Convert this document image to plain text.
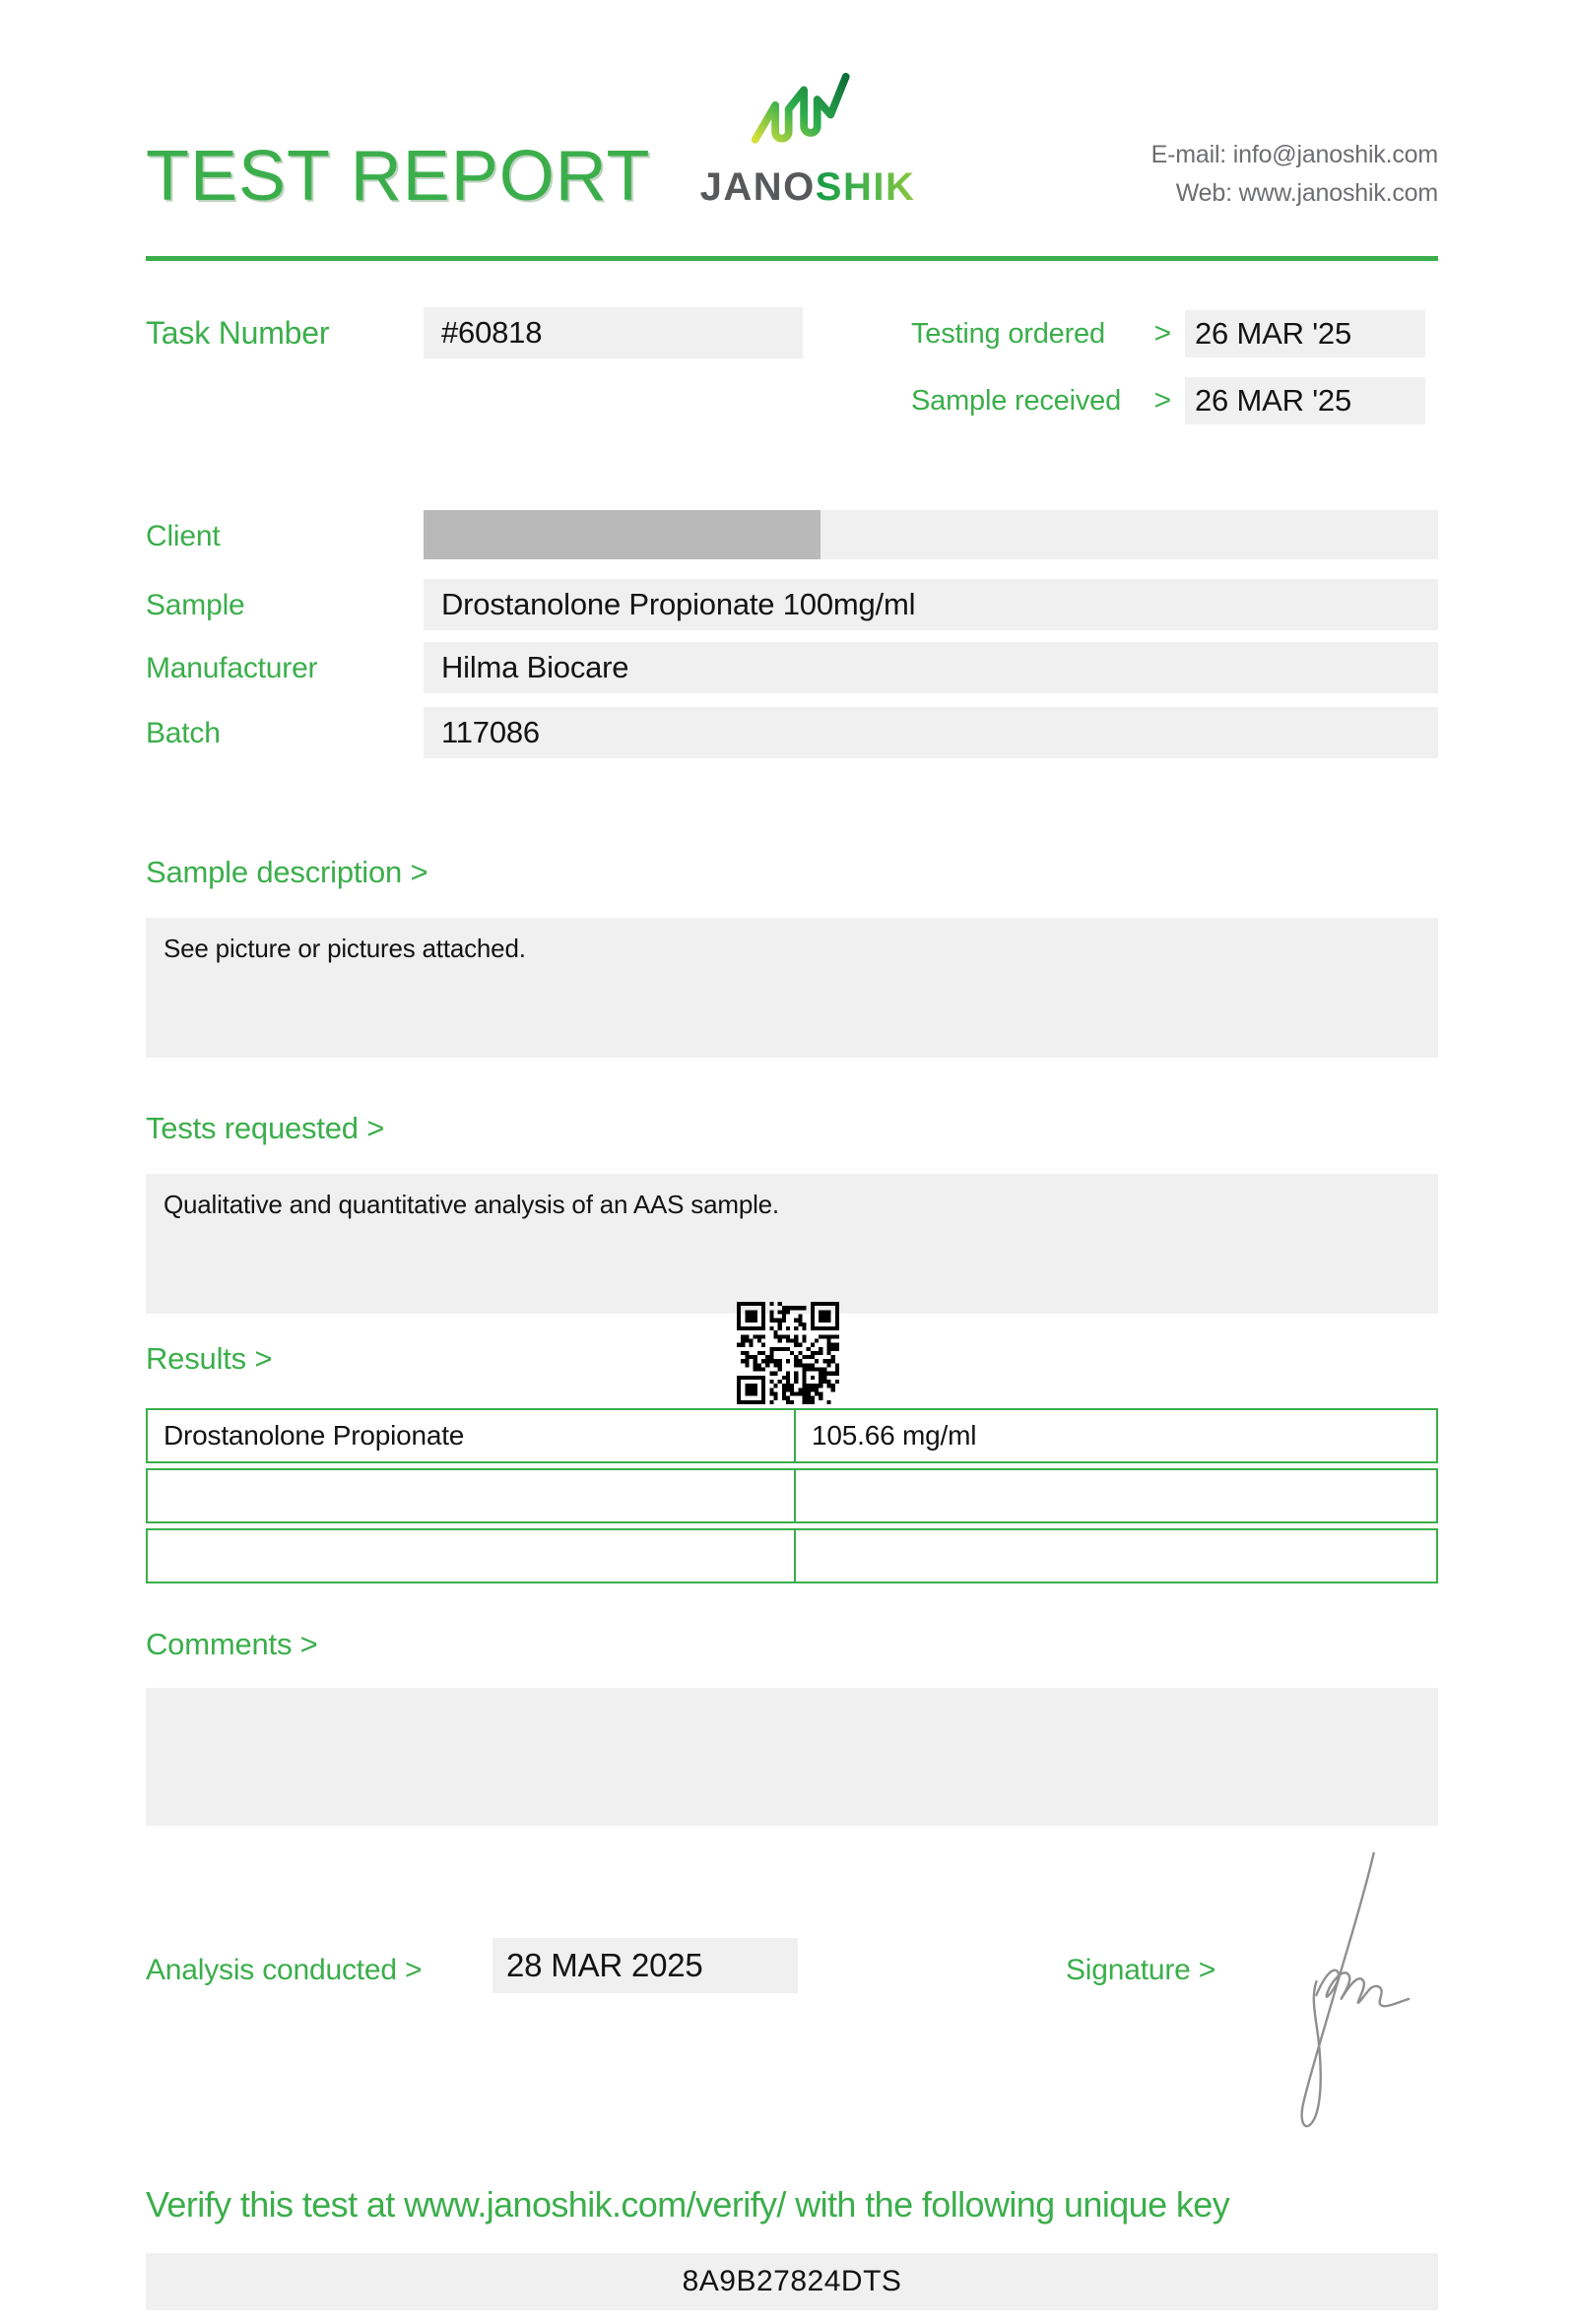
TEST REPORT	JANOSHIK
E-mail: info@janoshik.com
Web: www.janoshik.com
Task Number	#60818	Testing ordered > 26 MAR '25
Sample received > 26 MAR '25
Client
Sample	Drostanolone Propionate 100mg/ml
Manufacturer	Hilma Biocare
Batch	117086
Sample description >
See picture or pictures attached.
Tests requested >
Qualitative and quantitative analysis of an AAS sample.
Results >
Drostanolone Propionate	105.66 mg/ml
Comments >
Analysis conducted >	28 MAR 2025	Signature >
Verify this test at www.janoshik.com/verify/ with the following unique key
8A9B27824DTS
